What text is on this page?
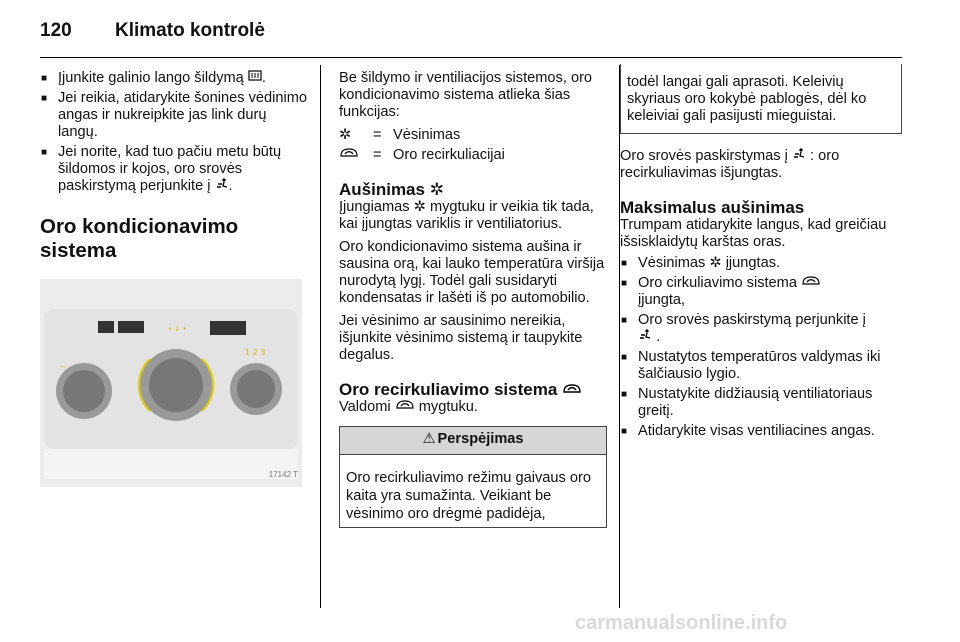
120 Klimato kontrolė
■ Įjunkite galinio lango šildymą .
■ Jei reikia, atidarykite šonines vėdinimo angas ir nukreipkite jas link durų langų.
■ Jei norite, kad tuo pačiu metu būtų šildomos ir kojos, oro srovės paskirstymą perjunkite į .
Oro kondicionavimo sistema
• ↓ •
1 2 3
~
17142 T
Be šildymo ir ventiliacijos sistemos, oro kondicionavimo sistema atlieka šias funkcijas:
✲	= Vėsinimas
= Oro recirkuliacijai
Aušinimas ✲
Įjungiamas ✲ mygtuku ir veikia tik tada, kai įjungtas variklis ir ventiliatorius.
Oro kondicionavimo sistema aušina ir sausina orą, kai lauko temperatūra viršija nurodytą lygį. Todėl gali susidaryti kondensatas ir lašėti iš po automobilio.
Jei vėsinimo ar sausinimo nereikia, išjunkite vėsinimo sistemą ir taupykite degalus.
Oro recirkuliavimo sistema
Valdomi mygtuku.
⚠ Perspėjimas
Oro recirkuliavimo režimu gaivaus oro kaita yra sumažinta. Veikiant be vėsinimo oro drėgmė padidėja,
todėl langai gali aprasoti. Keleivių skyriaus oro kokybė pablogės, dėl ko keleiviai gali pasijusti mieguistai.
Oro srovės paskirstymas į : oro recirkuliavimas išjungtas.
Maksimalus aušinimas
Trumpam atidarykite langus, kad greičiau išsisklaidytų karštas oras.
■ Vėsinimas ✲ įjungtas.
■ Oro cirkuliavimo sistema
įjungta,
■ Oro srovės paskirstymą perjunkite į
.
■ Nustatytos temperatūros valdymas iki šalčiausio lygio.
■ Nustatykite didžiausią ventiliatoriaus greitį.
■ Atidarykite visas ventiliacines angas.
carmanualsonline.info
